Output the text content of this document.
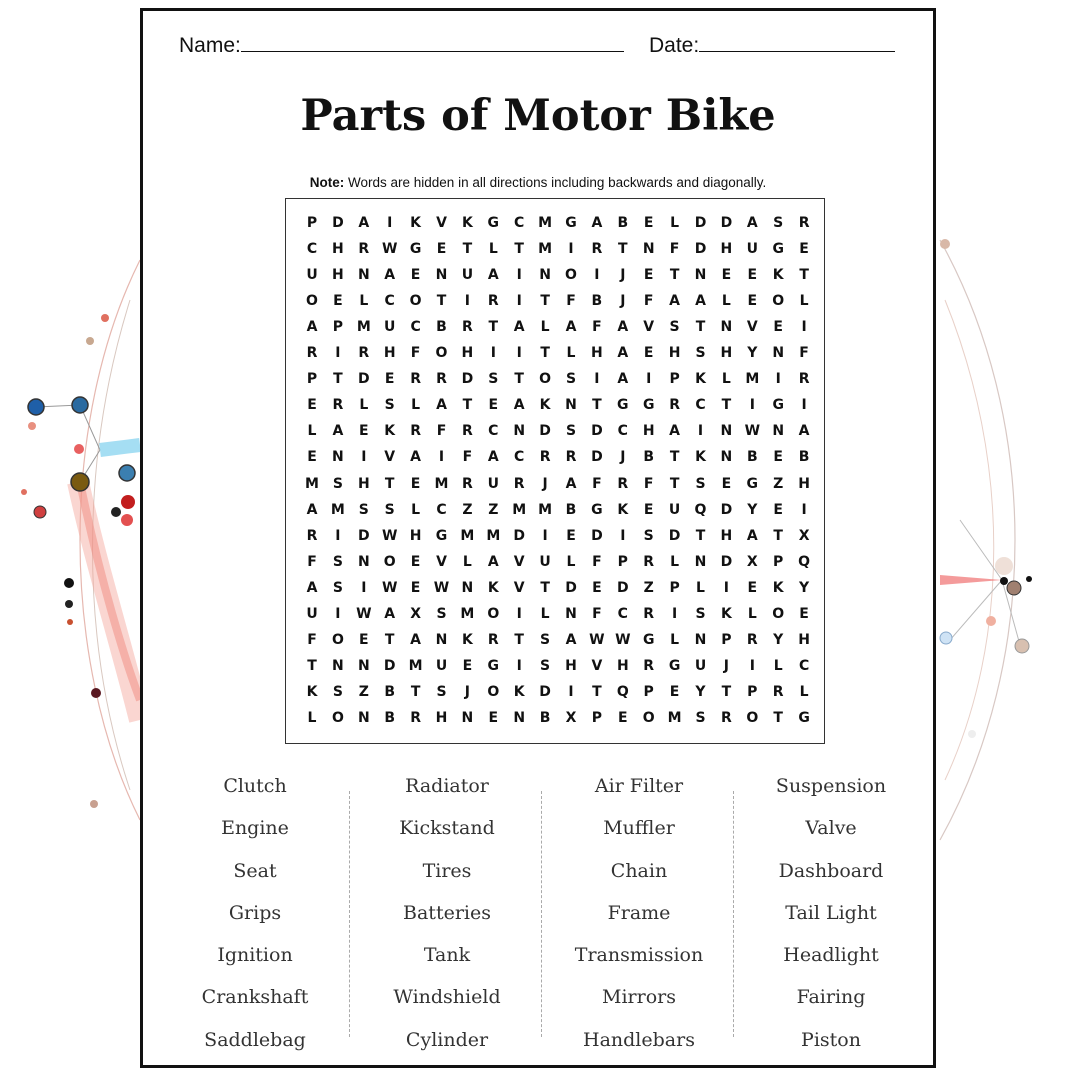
Name:	Date:
Parts of Motor Bike
Note: Words are hidden in all directions including backwards and diagonally.
P	D	A	I	K	V	K	G	C M G	A	B	E	L	D D	A	S	R
C	H	R W G	E	T	L	T	M	I	R	T	N	F	D H	U	G	E
U	H N	A	E	N	U	A	I	N O	I	J	E	T	N	E	E	K	T
O	E	L	C	O	T	I	R	I	T	F	B	J	F	A	A	L	E	O	L
A	P M U	C	B	R	T	A	L	A	F	A	V	S	T	N	V	E	I
R	I	R	H	F	O H	I	I	T	L	H	A	E	H	S	H	Y	N	F
P	T	D	E	R	R	D	S	T	O	S	I	A	I	P	K	L	M	I	R
E	R	L	S	L	A	T	E	A	K	N	T	G	G	R	C	T	I	G	I
L	A	E	K	R	F	R	C	N D	S	D	C	H	A	I	N W N	A
E	N	I	V	A	I	F	A	C	R	R	D	J	B	T	K	N	B	E	B
M S	H	T	E	M R	U	R	J	A	F	R	F	T	S	E	G	Z	H
A M S	S	L	C	Z	Z M M B	G	K	E	U	Q D	Y	E	I
R	I	D W H	G M M D	I	E	D	I	S	D	T	H	A	T	X
F	S	N O	E	V	L	A	V	U	L	F	P	R	L	N D	X	P	Q
A	S	I	W E W N	K	V	T	D	E	D	Z	P	L	I	E	K	Y
U	I	W A	X	S M O	I	L	N	F	C	R	I	S	K	L	O	E
F	O	E	T	A	N	K	R	T	S	A W W G	L	N	P	R	Y	H
T	N N D M U	E	G	I	S	H	V	H	R	G	U	J	I	L	C
K	S	Z	B	T	S	J	O	K	D	I	T	Q	P	E	Y	T	P	R	L
L	O N	B	R	H N	E	N	B	X	P	E	O M S	R	O	T	G
Clutch
Engine
Seat
Grips
Ignition
Crankshaft
Saddlebag
Radiator
Kickstand
Tires
Batteries
Tank
Windshield
Cylinder
Air Filter
Muffler
Chain
Frame
Transmission
Mirrors
Handlebars
Suspension
Valve
Dashboard
Tail Light
Headlight
Fairing
Piston
